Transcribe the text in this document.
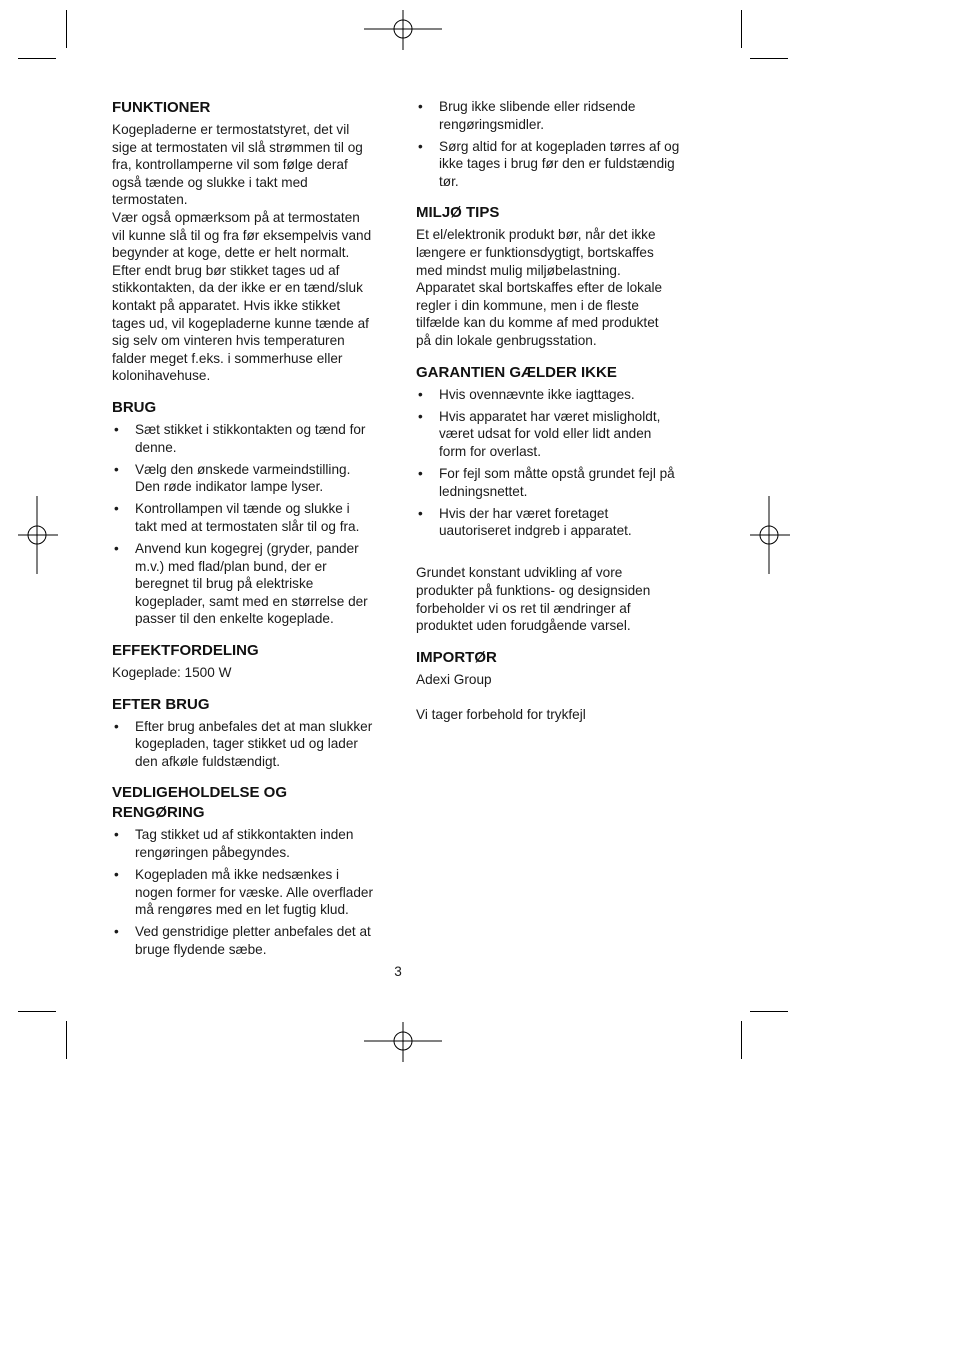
FUNKTIONER

Kogepladerne er termostatstyret, det vil
sige at termostaten vil slå strømmen til og
fra, kontrollamperne vil som følge deraf
også tænde og slukke i takt med
termostaten.
Vær også opmærksom på at termostaten
vil kunne slå til og fra før eksempelvis vand
begynder at koge, dette er helt normalt.
Efter endt brug bør stikket tages ud af
stikkontakten, da der ikke er en tænd/sluk
kontakt på apparatet. Hvis ikke stikket
tages ud, vil kogepladerne kunne tænde af
sig selv om vinteren hvis temperaturen
falder meget f.eks. i sommerhuse eller
kolonihavehuse.

BRUG
• Sæt stikket i stikkontakten og tænd for
denne.
• Vælg den ønskede varmeindstilling.
Den røde indikator lampe lyser.
• Kontrollampen vil tænde og slukke i
takt med at termostaten slår til og fra.
• Anvend kun kogegrej (gryder, pander
m.v.) med flad/plan bund, der er
beregnet til brug på elektriske
kogeplader, samt med en størrelse der
passer til den enkelte kogeplade.
EFFEKTFORDELING

Kogeplade: 1500 W

EFTER BRUG
• Efter brug anbefales det at man slukker
kogepladen, tager stikket ud og lader
den afkøle fuldstændigt.
VEDLIGEHOLDELSE OG
RENGØRING
• Tag stikket ud af stikkontakten inden
rengøringen påbegyndes.
• Kogepladen må ikke nedsænkes i
nogen former for væske. Alle overflader
må rengøres med en let fugtig klud.
• Ved genstridige pletter anbefales det at
bruge flydende sæbe.
• Brug ikke slibende eller ridsende
rengøringsmidler.
• Sørg altid for at kogepladen tørres af og
ikke tages i brug før den er fuldstændig
tør.
MILJØ TIPS

Et el/elektronik produkt bør, når det ikke
længere er funktionsdygtigt, bortskaffes
med mindst mulig miljøbelastning.
Apparatet skal bortskaffes efter de lokale
regler i din kommune, men i de fleste
tilfælde kan du komme af med produktet
på din lokale genbrugsstation.

GARANTIEN GÆLDER IKKE
• Hvis ovennævnte ikke iagttages.
• Hvis apparatet har været misligholdt,
været udsat for vold eller lidt anden
form for overlast.
• For fejl som måtte opstå grundet fejl på
ledningsnettet.
• Hvis der har været foretaget
uautoriseret indgreb i apparatet.

Grundet konstant udvikling af vore
produkter på funktions- og designsiden
forbeholder vi os ret til ændringer af
produktet uden forudgående varsel.

IMPORTØR

Adexi Group

Vi tager forbehold for trykfejl

3
